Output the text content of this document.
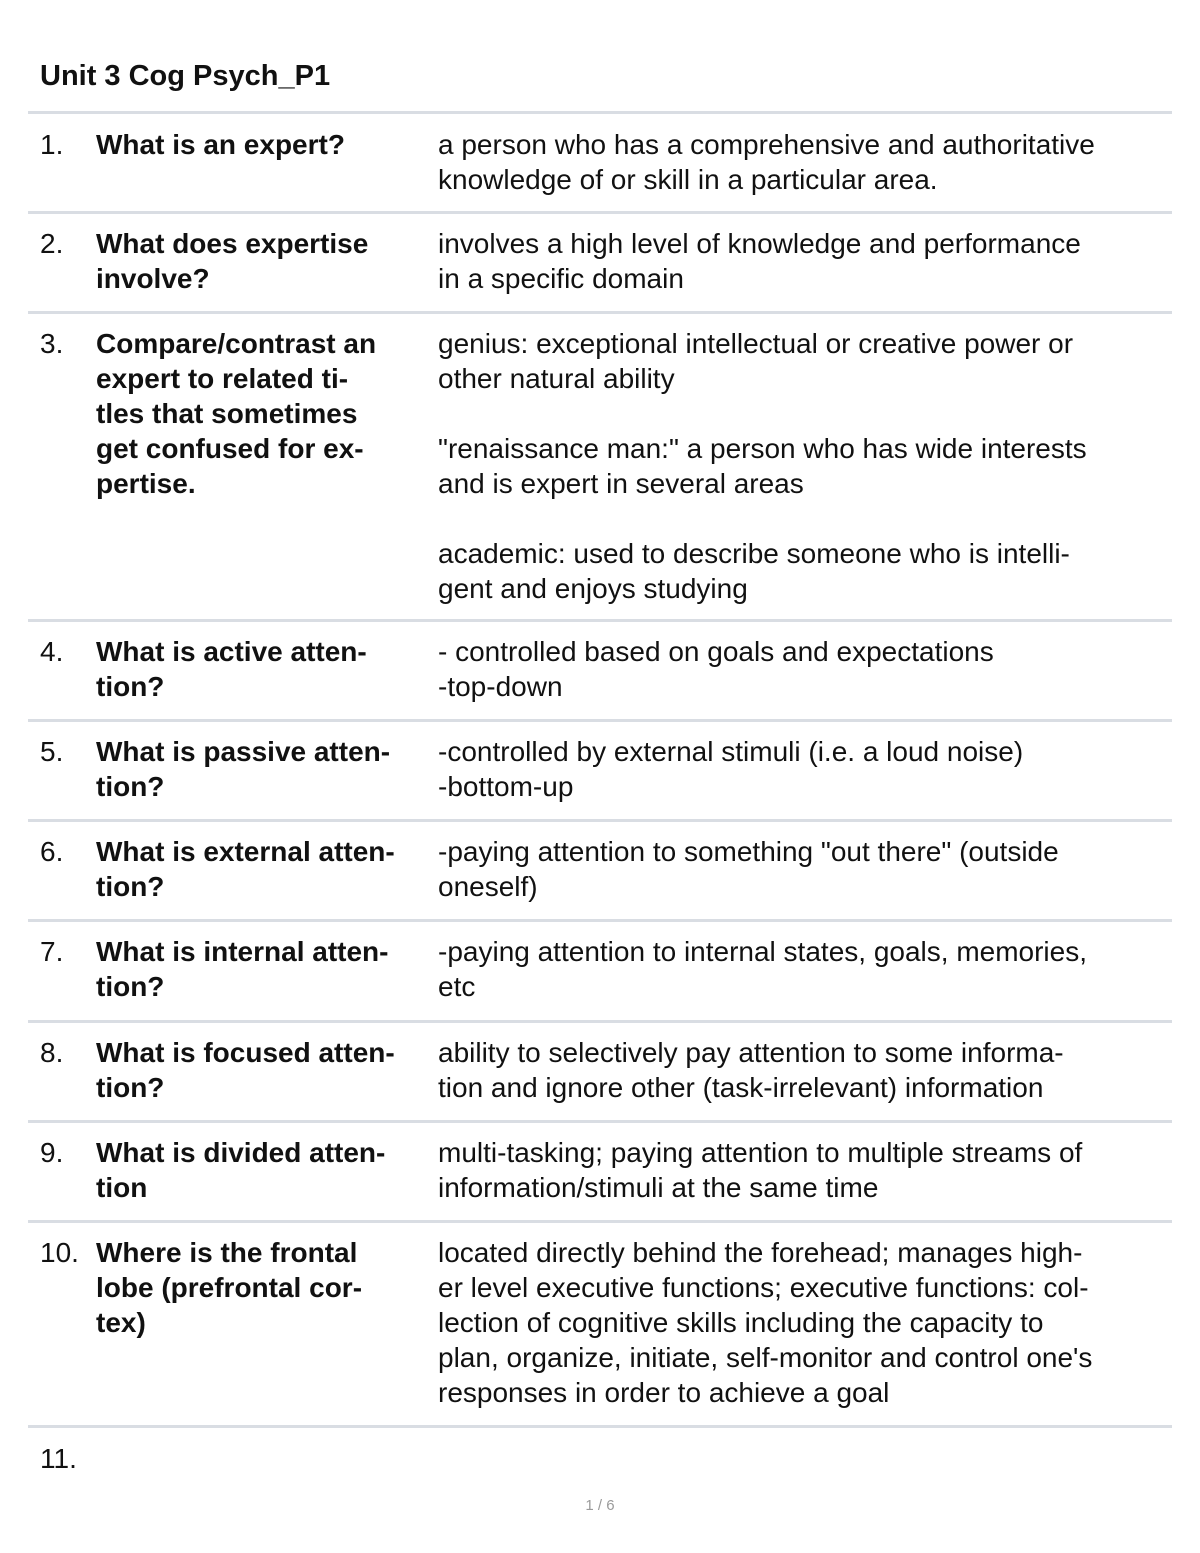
Unit 3 Cog Psych_P1
1. What is an expert?	a person who has a comprehensive and authoritative
knowledge of or skill in a particular area.
2. What does expertise
involve?
involves a high level of knowledge and performance
in a specific domain
3. Compare/contrast an
expert to related ti-
tles that sometimes
get confused for ex-
pertise.
genius: exceptional intellectual or creative power or
other natural ability

"renaissance man:" a person who has wide interests
and is expert in several areas

academic: used to describe someone who is intelli-
gent and enjoys studying
4. What is active atten-
tion?
- controlled based on goals and expectations
-top-down
5. What is passive atten-
tion?
-controlled by external stimuli (i.e. a loud noise)
-bottom-up
6. What is external atten-
tion?
-paying attention to something "out there" (outside
oneself)
7. What is internal atten-
tion?
-paying attention to internal states, goals, memories,
etc
8. What is focused atten-
tion?
ability to selectively pay attention to some informa-
tion and ignore other (task-irrelevant) information
9. What is divided atten-
tion
multi-tasking; paying attention to multiple streams of
information/stimuli at the same time
10. Where is the frontal
lobe (prefrontal cor-
tex)
located directly behind the forehead; manages high-
er level executive functions; executive functions: col-
lection of cognitive skills including the capacity to
plan, organize, initiate, self-monitor and control one's
responses in order to achieve a goal
11.
1 / 6
